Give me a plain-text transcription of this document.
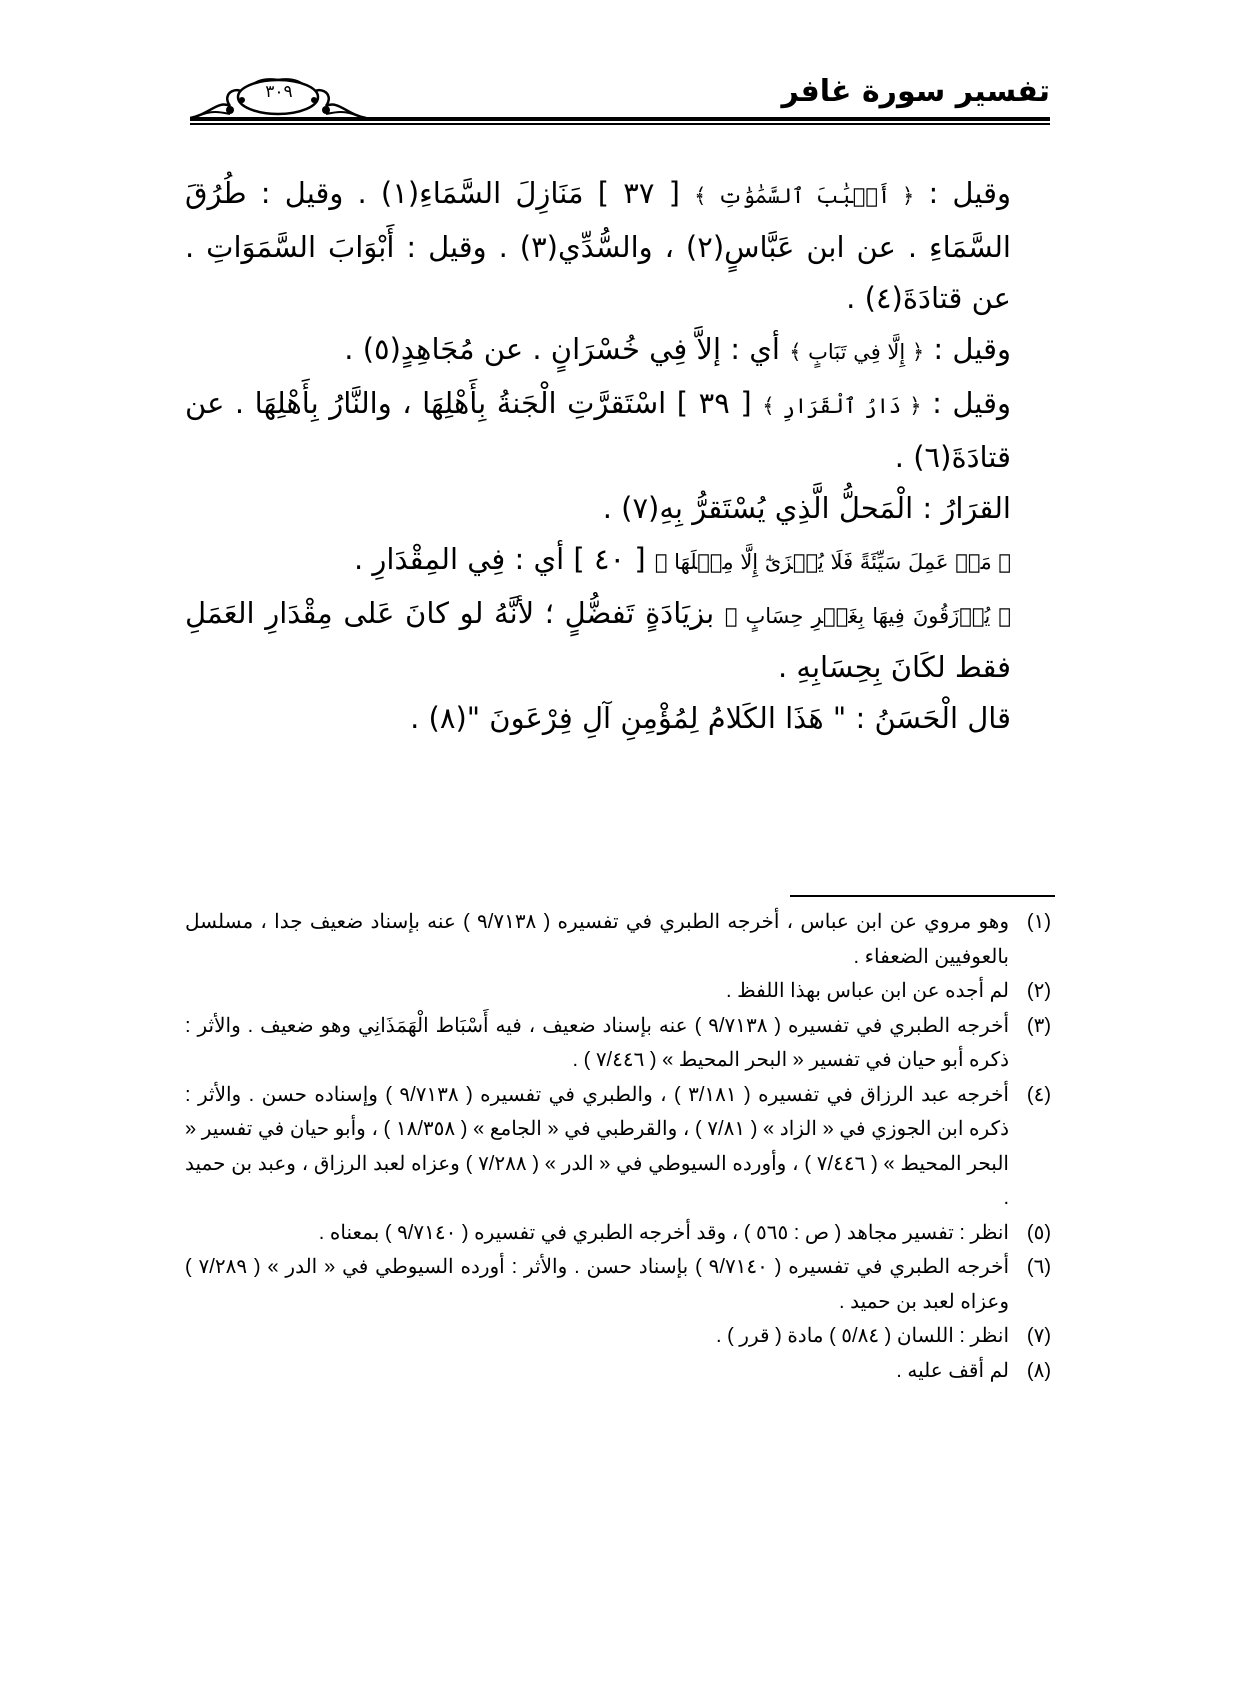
تفسير سورة غافر
٣٠٩

وقيل : ﴿ أَسۡبَٰبَ ٱلسَّمَٰوَٰتِ ﴾ [ ٣٧ ] مَنَازِلَ السَّمَاءِ(١) . وقيل : طُرُقَ السَّمَاءِ . عن ابن عَبَّاسٍ(٢) ، والسُّدِّي(٣) . وقيل : أَبْوَابَ السَّمَوَاتِ . عن قتادَةَ(٤) .

وقيل : ﴿ إِلَّا فِي تَبَابٍ ﴾ أي : إلاَّ فِي خُسْرَانٍ . عن مُجَاهِدٍ(٥) .

وقيل : ﴿ دَارُ ٱلْقَرَارِ ﴾ [ ٣٩ ] اسْتَقرَّتِ الْجَنةُ بِأَهْلِهَا ، والنَّارُ بِأَهْلِهَا . عن قتادَةَ(٦) .

القرَارُ : الْمَحلُّ الَّذِي يُسْتَقرُّ بِهِ(٧) .

﴿ مَنۡ عَمِلَ سَيِّئَةً فَلَا يُجۡزَىٰٓ إِلَّا مِثۡلَهَا ﴾ [ ٤٠ ] أي : فِي المِقْدَارِ .

﴿ يُرۡزَقُونَ فِيهَا بِغَيۡرِ حِسَابٍ ﴾ بزيَادَةٍ تَفضُّلٍ ؛ لأنَّهُ لو كانَ عَلى مِقْدَارِ العَمَلِ فقط لكَانَ بِحِسَابِهِ .

قال الْحَسَنُ : " هَذَا الكَلامُ لِمُؤْمِنِ آلِ فِرْعَونَ "(٨) .

(١)
وهو مروي عن ابن عباس ، أخرجه الطبري في تفسيره ( ٩/٧١٣٨ ) عنه بإسناد ضعيف جدا ، مسلسل بالعوفيين الضعفاء .
(٢)
لم أجده عن ابن عباس بهذا اللفظ .
(٣)
أخرجه الطبري في تفسيره ( ٩/٧١٣٨ ) عنه بإسناد ضعيف ، فيه أَسْبَاط الْهَمَذَانِي وهو ضعيف . والأثر : ذكره أبو حيان في تفسير « البحر المحيط » ( ٧/٤٤٦ ) .
(٤)
أخرجه عبد الرزاق في تفسيره ( ٣/١٨١ ) ، والطبري في تفسيره ( ٩/٧١٣٨ ) وإسناده حسن . والأثر : ذكره ابن الجوزي في « الزاد » ( ٧/٨١ ) ، والقرطبي في « الجامع » ( ١٨/٣٥٨ ) ، وأبو حيان في تفسير « البحر المحيط » ( ٧/٤٤٦ ) ، وأورده السيوطي في « الدر » ( ٧/٢٨٨ ) وعزاه لعبد الرزاق ، وعبد بن حميد .
(٥)
انظر : تفسير مجاهد ( ص : ٥٦٥ ) ، وقد أخرجه الطبري في تفسيره ( ٩/٧١٤٠ ) بمعناه .
(٦)
أخرجه الطبري في تفسيره ( ٩/٧١٤٠ ) بإسناد حسن . والأثر : أورده السيوطي في « الدر » ( ٧/٢٨٩ ) وعزاه لعبد بن حميد .
(٧)
انظر : اللسان ( ٥/٨٤ ) مادة ( قرر ) .
(٨)
لم أقف عليه .
